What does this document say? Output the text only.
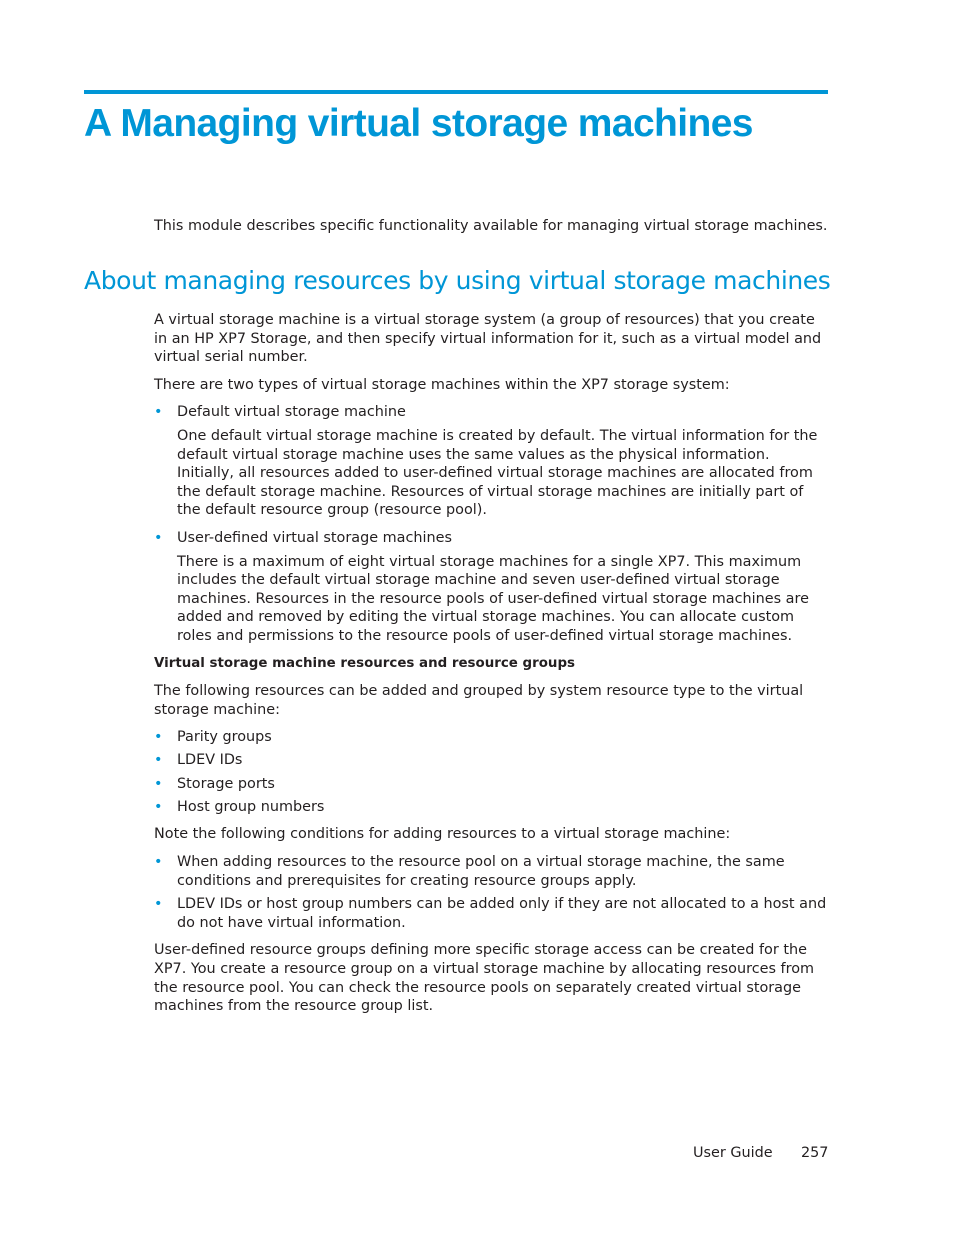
A Managing virtual storage machines

This module describes specific functionality available for managing virtual storage machines.

About managing resources by using virtual storage machines

A virtual storage machine is a virtual storage system (a group of resources) that you create in an HP XP7 Storage, and then specify virtual information for it, such as a virtual model and virtual serial number.

There are two types of virtual storage machines within the XP7 storage system:

• Default virtual storage machine
One default virtual storage machine is created by default. The virtual information for the default virtual storage machine uses the same values as the physical information. Initially, all resources added to user-defined virtual storage machines are allocated from the default storage machine. Resources of virtual storage machines are initially part of the default resource group (resource pool).
• User-defined virtual storage machines
There is a maximum of eight virtual storage machines for a single XP7. This maximum includes the default virtual storage machine and seven user-defined virtual storage machines. Resources in the resource pools of user-defined virtual storage machines are added and removed by editing the virtual storage machines. You can allocate custom roles and permissions to the resource pools of user-defined virtual storage machines.

Virtual storage machine resources and resource groups

The following resources can be added and grouped by system resource type to the virtual storage machine:

• Parity groups
• LDEV IDs
• Storage ports
• Host group numbers

Note the following conditions for adding resources to a virtual storage machine:

• When adding resources to the resource pool on a virtual storage machine, the same conditions and prerequisites for creating resource groups apply.
• LDEV IDs or host group numbers can be added only if they are not allocated to a host and do not have virtual information.

User-defined resource groups defining more specific storage access can be created for the XP7. You create a resource group on a virtual storage machine by allocating resources from the resource pool. You can check the resource pools on separately created virtual storage machines from the resource group list.

User Guide 257
